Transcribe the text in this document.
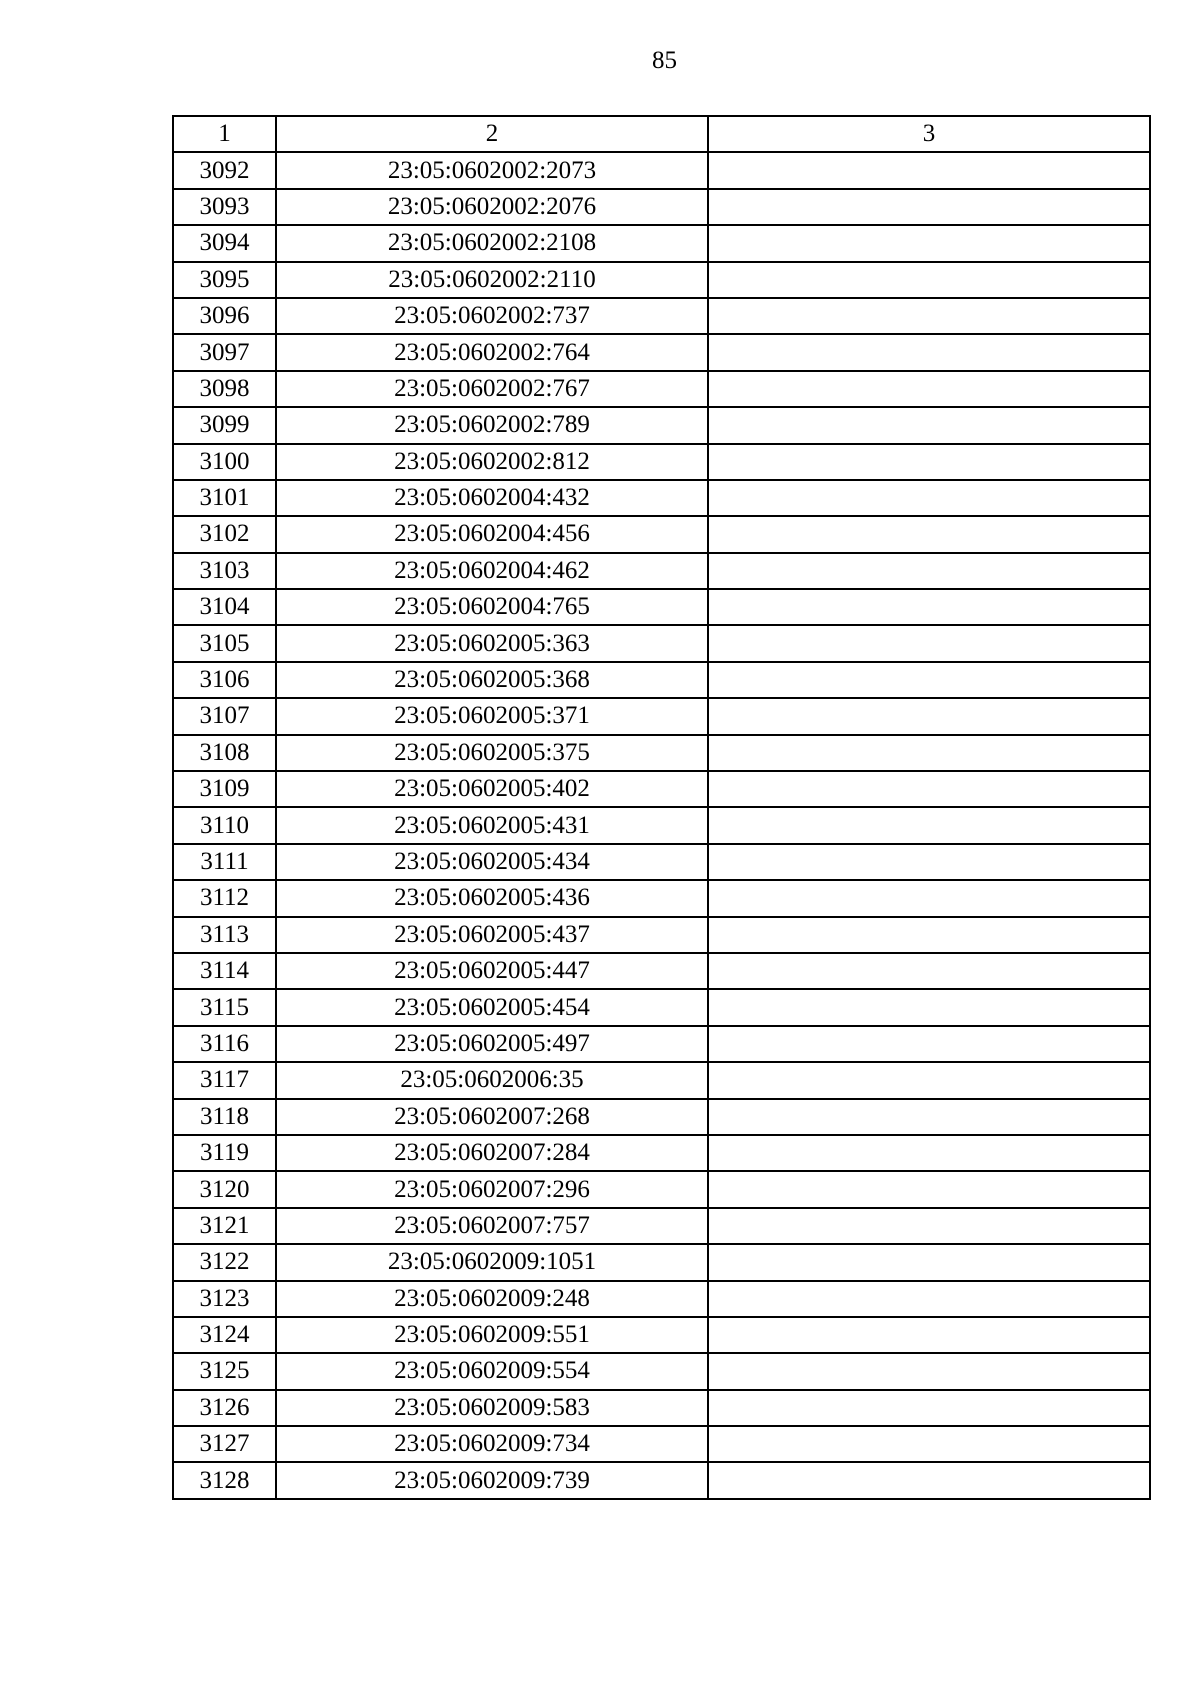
85
1	2	3
3092	23:05:0602002:2073	
3093	23:05:0602002:2076	
3094	23:05:0602002:2108	
3095	23:05:0602002:2110	
3096	23:05:0602002:737	
3097	23:05:0602002:764	
3098	23:05:0602002:767	
3099	23:05:0602002:789	
3100	23:05:0602002:812	
3101	23:05:0602004:432	
3102	23:05:0602004:456	
3103	23:05:0602004:462	
3104	23:05:0602004:765	
3105	23:05:0602005:363	
3106	23:05:0602005:368	
3107	23:05:0602005:371	
3108	23:05:0602005:375	
3109	23:05:0602005:402	
3110	23:05:0602005:431	
3111	23:05:0602005:434	
3112	23:05:0602005:436	
3113	23:05:0602005:437	
3114	23:05:0602005:447	
3115	23:05:0602005:454	
3116	23:05:0602005:497	
3117	23:05:0602006:35	
3118	23:05:0602007:268	
3119	23:05:0602007:284	
3120	23:05:0602007:296	
3121	23:05:0602007:757	
3122	23:05:0602009:1051	
3123	23:05:0602009:248	
3124	23:05:0602009:551	
3125	23:05:0602009:554	
3126	23:05:0602009:583	
3127	23:05:0602009:734	
3128	23:05:0602009:739	
